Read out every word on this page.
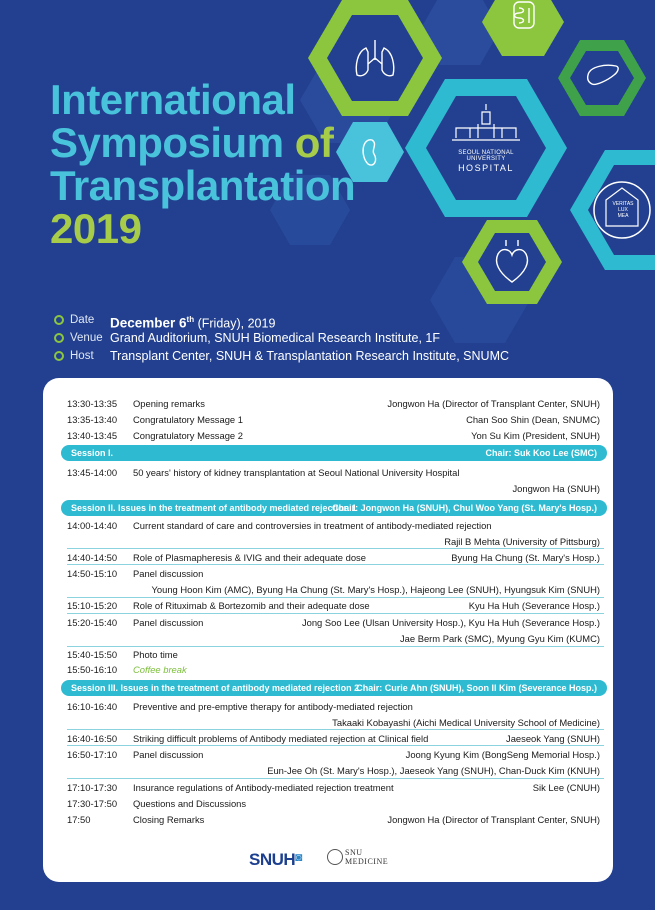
SEOUL NATIONAL UNIVERSITY
HOSPITAL
VERITAS
LUX
MEA
International
Symposium of
Transplantation
2019
Date December 6th (Friday), 2019
Venue Grand Auditorium, SNUH Biomedical Research Institute, 1F
Host Transplant Center, SNUH & Transplantation Research Institute, SNUMC
13:30-13:35 Opening remarks	Jongwon Ha (Director of Transplant Center, SNUH)
13:35-13:40 Congratulatory Message 1	Chan Soo Shin (Dean, SNUMC)
13:40-13:45 Congratulatory Message 2	Yon Su Kim (President, SNUH)
Session I.	Chair: Suk Koo Lee (SMC)
13:45-14:00 50 years' history of kidney transplantation at Seoul National University Hospital
Jongwon Ha (SNUH)
Session II. Issues in the treatment of antibody mediated rejection 1
Chair: Jongwon Ha (SNUH), Chul Woo Yang (St. Mary's Hosp.)
14:00-14:40 Current standard of care and controversies in treatment of antibody-mediated rejection
Rajil B Mehta (University of Pittsburg)
14:40-14:50 Role of Plasmapheresis & IVIG and their adequate dose	Byung Ha Chung (St. Mary's Hosp.)
14:50-15:10 Panel discussion
Young Hoon Kim (AMC), Byung Ha Chung (St. Mary's Hosp.), Hajeong Lee (SNUH), Hyungsuk Kim (SNUH)
15:10-15:20 Role of Rituximab & Bortezomib and their adequate dose	Kyu Ha Huh (Severance Hosp.)
15:20-15:40 Panel discussion	Jong Soo Lee (Ulsan University Hosp.), Kyu Ha Huh (Severance Hosp.)
Jae Berm Park (SMC), Myung Gyu Kim (KUMC)
15:40-15:50 Photo time
15:50-16:10 Coffee break
Session III. Issues in the treatment of antibody mediated rejection 2
Chair: Curie Ahn (SNUH), Soon Il Kim (Severance Hosp.)
16:10-16:40 Preventive and pre-emptive therapy for antibody-mediated rejection
Takaaki Kobayashi (Aichi Medical University School of Medicine)
16:40-16:50 Striking difficult problems of Antibody mediated rejection at Clinical field	Jaeseok Yang (SNUH)
16:50-17:10 Panel discussion	Joong Kyung Kim (BongSeng Memorial Hosp.)
Eun-Jee Oh (St. Mary's Hosp.), Jaeseok Yang (SNUH), Chan-Duck Kim (KNUH)
17:10-17:30 Insurance regulations of Antibody-mediated rejection treatment	Sik Lee (CNUH)
17:30-17:50 Questions and Discussions
17:50	Closing Remarks	Jongwon Ha (Director of Transplant Center, SNUH)
SNUH◙	SNU
MEDICINE
